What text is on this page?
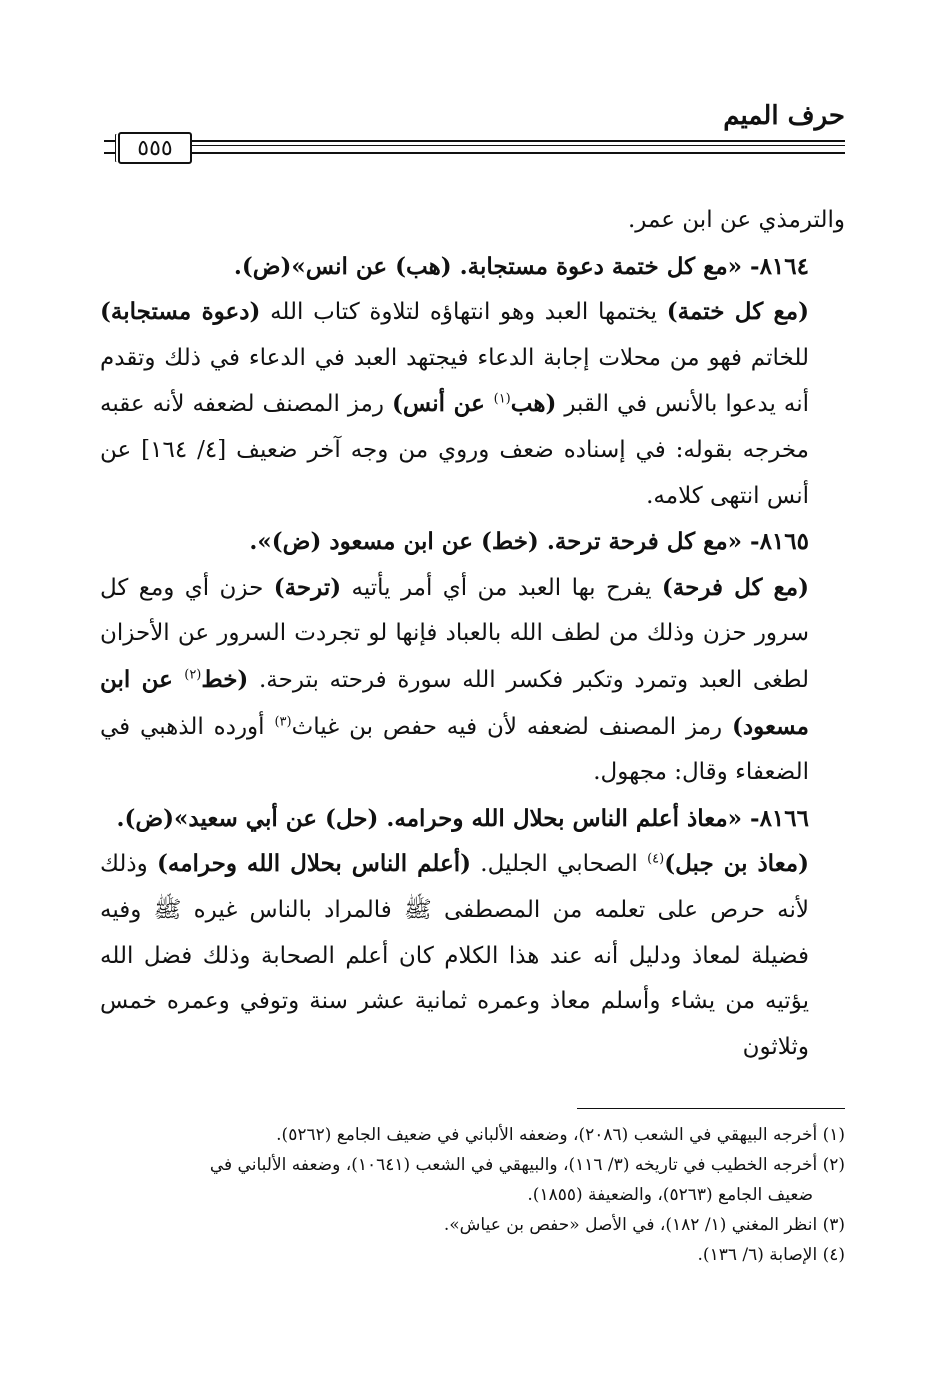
حرف الميم
٥٥٥

والترمذي عن ابن عمر.

٨١٦٤- «مع كل ختمة دعوة مستجابة. (هب) عن انس»(ض).

(مع كل ختمة) يختمها العبد وهو انتهاؤه لتلاوة كتاب الله (دعوة مستجابة) للخاتم فهو من محلات إجابة الدعاء فيجتهد العبد في الدعاء في ذلك وتقدم أنه يدعوا بالأنس في القبر (هب$^{(١)}$ عن أنس) رمز المصنف لضعفه لأنه عقبه مخرجه بقوله: في إسناده ضعف وروي من وجه آخر ضعيف [٤/ ١٦٤] عن أنس انتهى كلامه.

٨١٦٥- «مع كل فرحة ترحة. (خط) عن ابن مسعود (ض)».

(مع كل فرحة) يفرح بها العبد من أي أمر يأتيه (ترحة) حزن أي ومع كل سرور حزن وذلك من لطف الله بالعباد فإنها لو تجردت السرور عن الأحزان لطغى العبد وتمرد وتكبر فكسر الله سورة فرحته بترحة. (خط$^{(٢)}$ عن ابن مسعود) رمز المصنف لضعفه لأن فيه حفص بن غياث$^{(٣)}$ أورده الذهبي في الضعفاء وقال: مجهول.

٨١٦٦- «معاذ أعلم الناس بحلال الله وحرامه. (حل) عن أبي سعيد»(ض).

(معاذ بن جبل)$^{(٤)}$ الصحابي الجليل. (أعلم الناس بحلال الله وحرامه) وذلك لأنه حرص على تعلمه من المصطفى ﷺ فالمراد بالناس غيره ﷺ وفيه فضيلة لمعاذ ودليل أنه عند هذا الكلام كان أعلم الصحابة وذلك فضل الله يؤتيه من يشاء وأسلم معاذ وعمره ثمانية عشر سنة وتوفي وعمره خمس وثلاثون

(١) أخرجه البيهقي في الشعب (٢٠٨٦)، وضعفه الألباني في ضعيف الجامع (٥٢٦٢).

(٢) أخرجه الخطيب في تاريخه (٣/ ١١٦)، والبيهقي في الشعب (١٠٦٤١)، وضعفه الألباني في

ضعيف الجامع (٥٢٦٣)، والضعيفة (١٨٥٥).

(٣) انظر المغني (١/ ١٨٢)، في الأصل «حفص بن عياش».

(٤) الإصابة (٦/ ١٣٦).
